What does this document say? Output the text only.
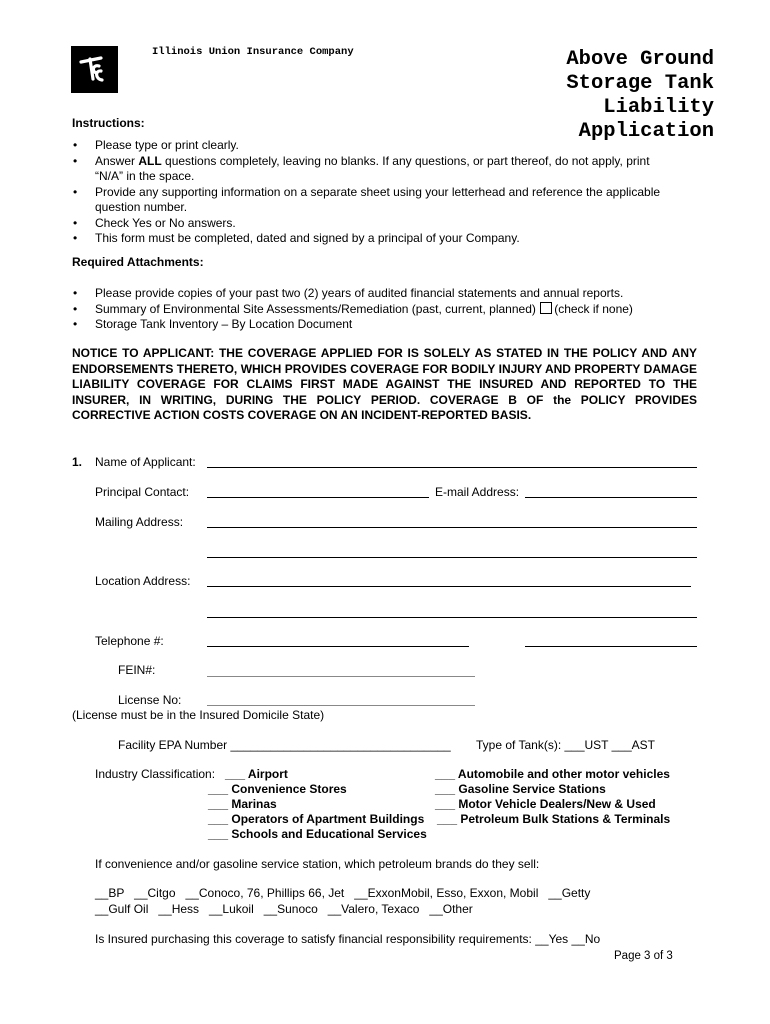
Illinois Union Insurance Company	Above Ground
Storage Tank
Liability
Application
Instructions:
• Please type or print clearly.
• Answer ALL questions completely, leaving no blanks. If any questions, or part thereof, do not apply, print
“N/A” in the space.
• Provide any supporting information on a separate sheet using your letterhead and reference the applicable
question number.
• Check Yes or No answers.
• This form must be completed, dated and signed by a principal of your Company.
Required Attachments:
• Please provide copies of your past two (2) years of audited financial statements and annual reports.
• Summary of Environmental Site Assessments/Remediation (past, current, planned) (check if none)
• Storage Tank Inventory – By Location Document
NOTICE TO APPLICANT: THE COVERAGE APPLIED FOR IS SOLELY AS STATED IN THE POLICY AND ANY ENDORSEMENTS THERETO, WHICH PROVIDES COVERAGE FOR BODILY INJURY AND PROPERTY DAMAGE LIABILITY COVERAGE FOR CLAIMS FIRST MADE AGAINST THE INSURED AND REPORTED TO THE INSURER, IN WRITING, DURING THE POLICY PERIOD. COVERAGE B OF the POLICY PROVIDES CORRECTIVE ACTION COSTS COVERAGE ON AN INCIDENT-REPORTED BASIS.
1. Name of Applicant:
Principal Contact:	E-mail Address:
Mailing Address:
Location Address:
Telephone #:
FEIN#:
License No:
(License must be in the Insured Domicile State)
Facility EPA Number _________________________________ Type of Tank(s): ___UST ___AST
Industry Classification: ___ Airport
___ Convenience Stores
___ Marinas
___ Operators of Apartment Buildings
___ Schools and Educational Services
___ Automobile and other motor vehicles
___ Gasoline Service Stations
___ Motor Vehicle Dealers/New & Used
___ Petroleum Bulk Stations & Terminals
If convenience and/or gasoline service station, which petroleum brands do they sell:
__BP   __Citgo   __Conoco, 76, Phillips 66, Jet   __ExxonMobil, Esso, Exxon, Mobil   __Getty
__Gulf Oil   __Hess   __Lukoil   __Sunoco   __Valero, Texaco   __Other
Is Insured purchasing this coverage to satisfy financial responsibility requirements: __Yes __No
Page 3 of 3
